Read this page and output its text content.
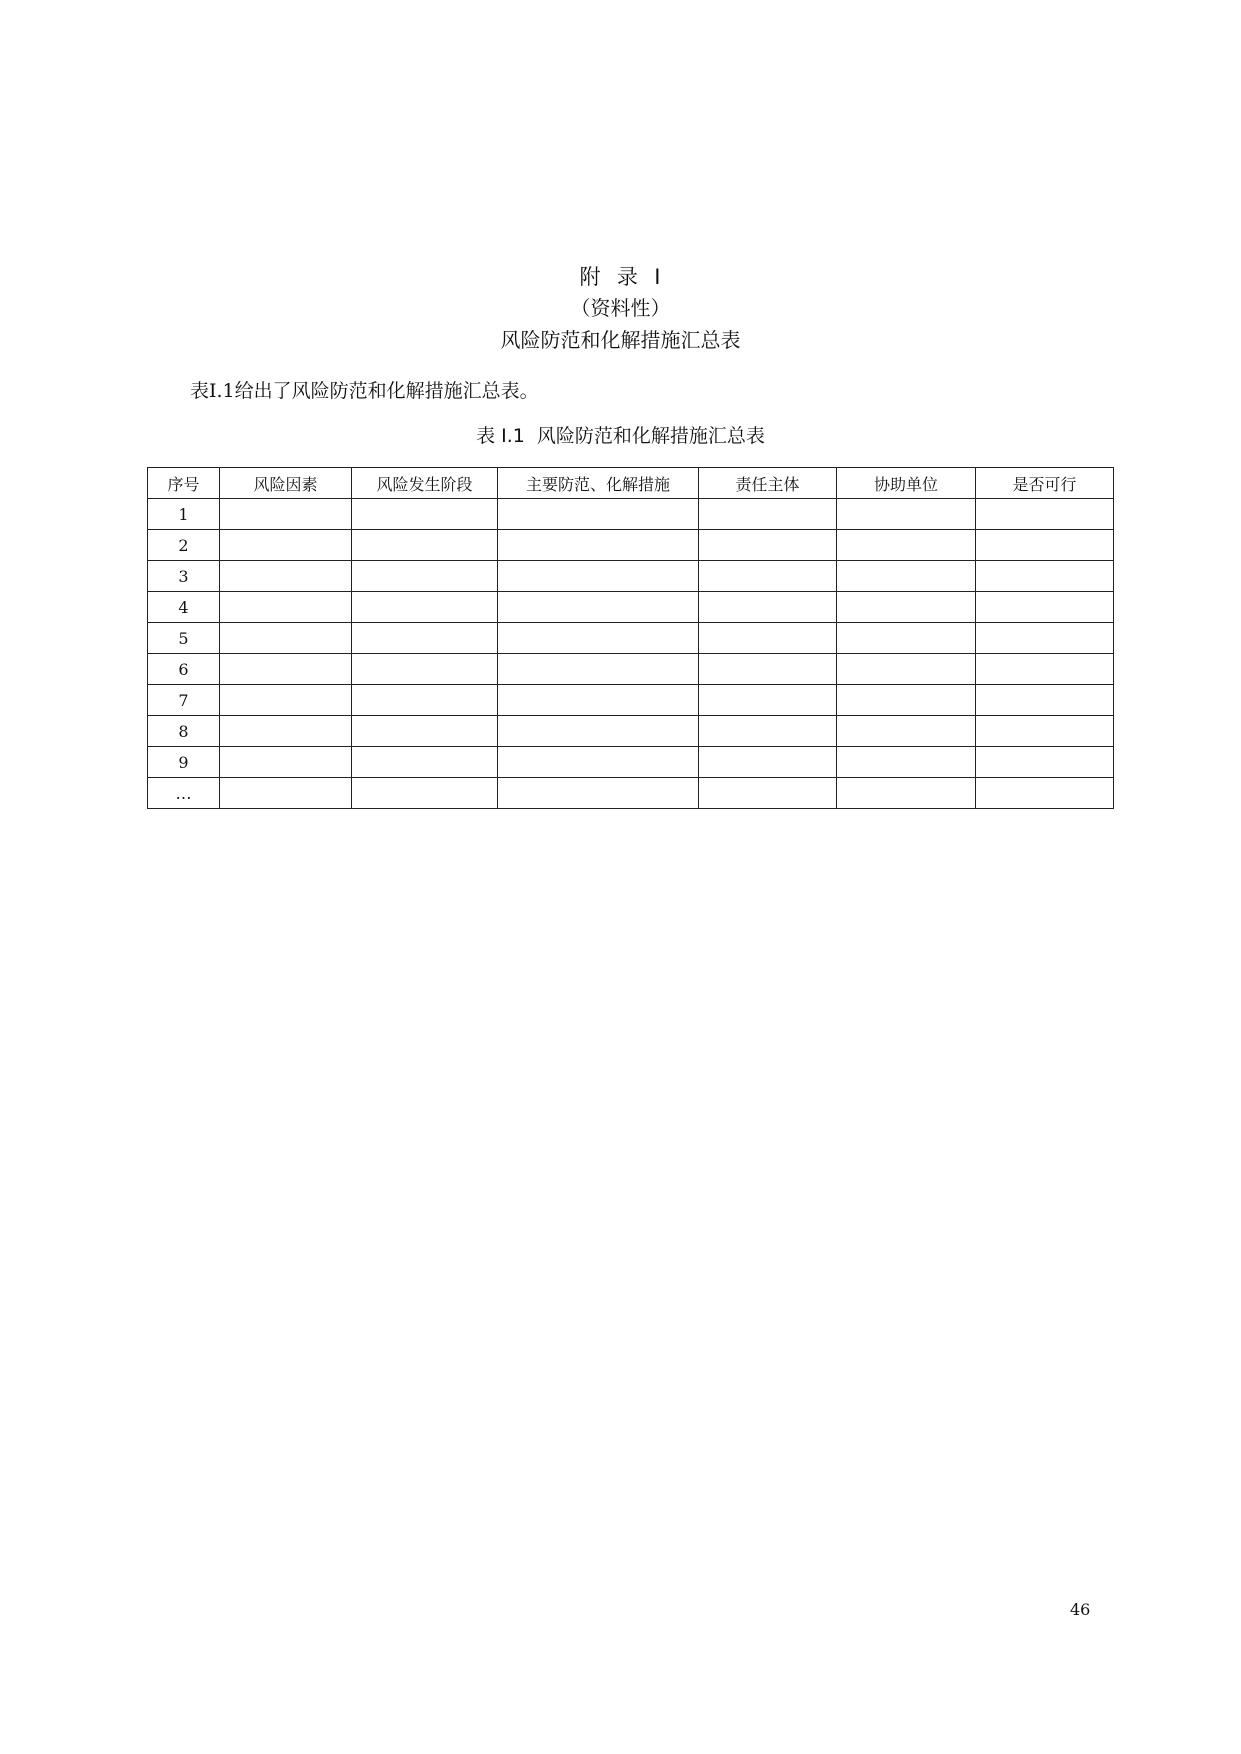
附  录  I
（资料性）
风险防范和化解措施汇总表
表I.1给出了风险防范和化解措施汇总表。
表 I.1  风险防范和化解措施汇总表
序号	风险因素	风险发生阶段	主要防范、化解措施	责任主体	协助单位	是否可行
1						
2						
3						
4						
5						
6						
7						
8						
9						
…						
46
